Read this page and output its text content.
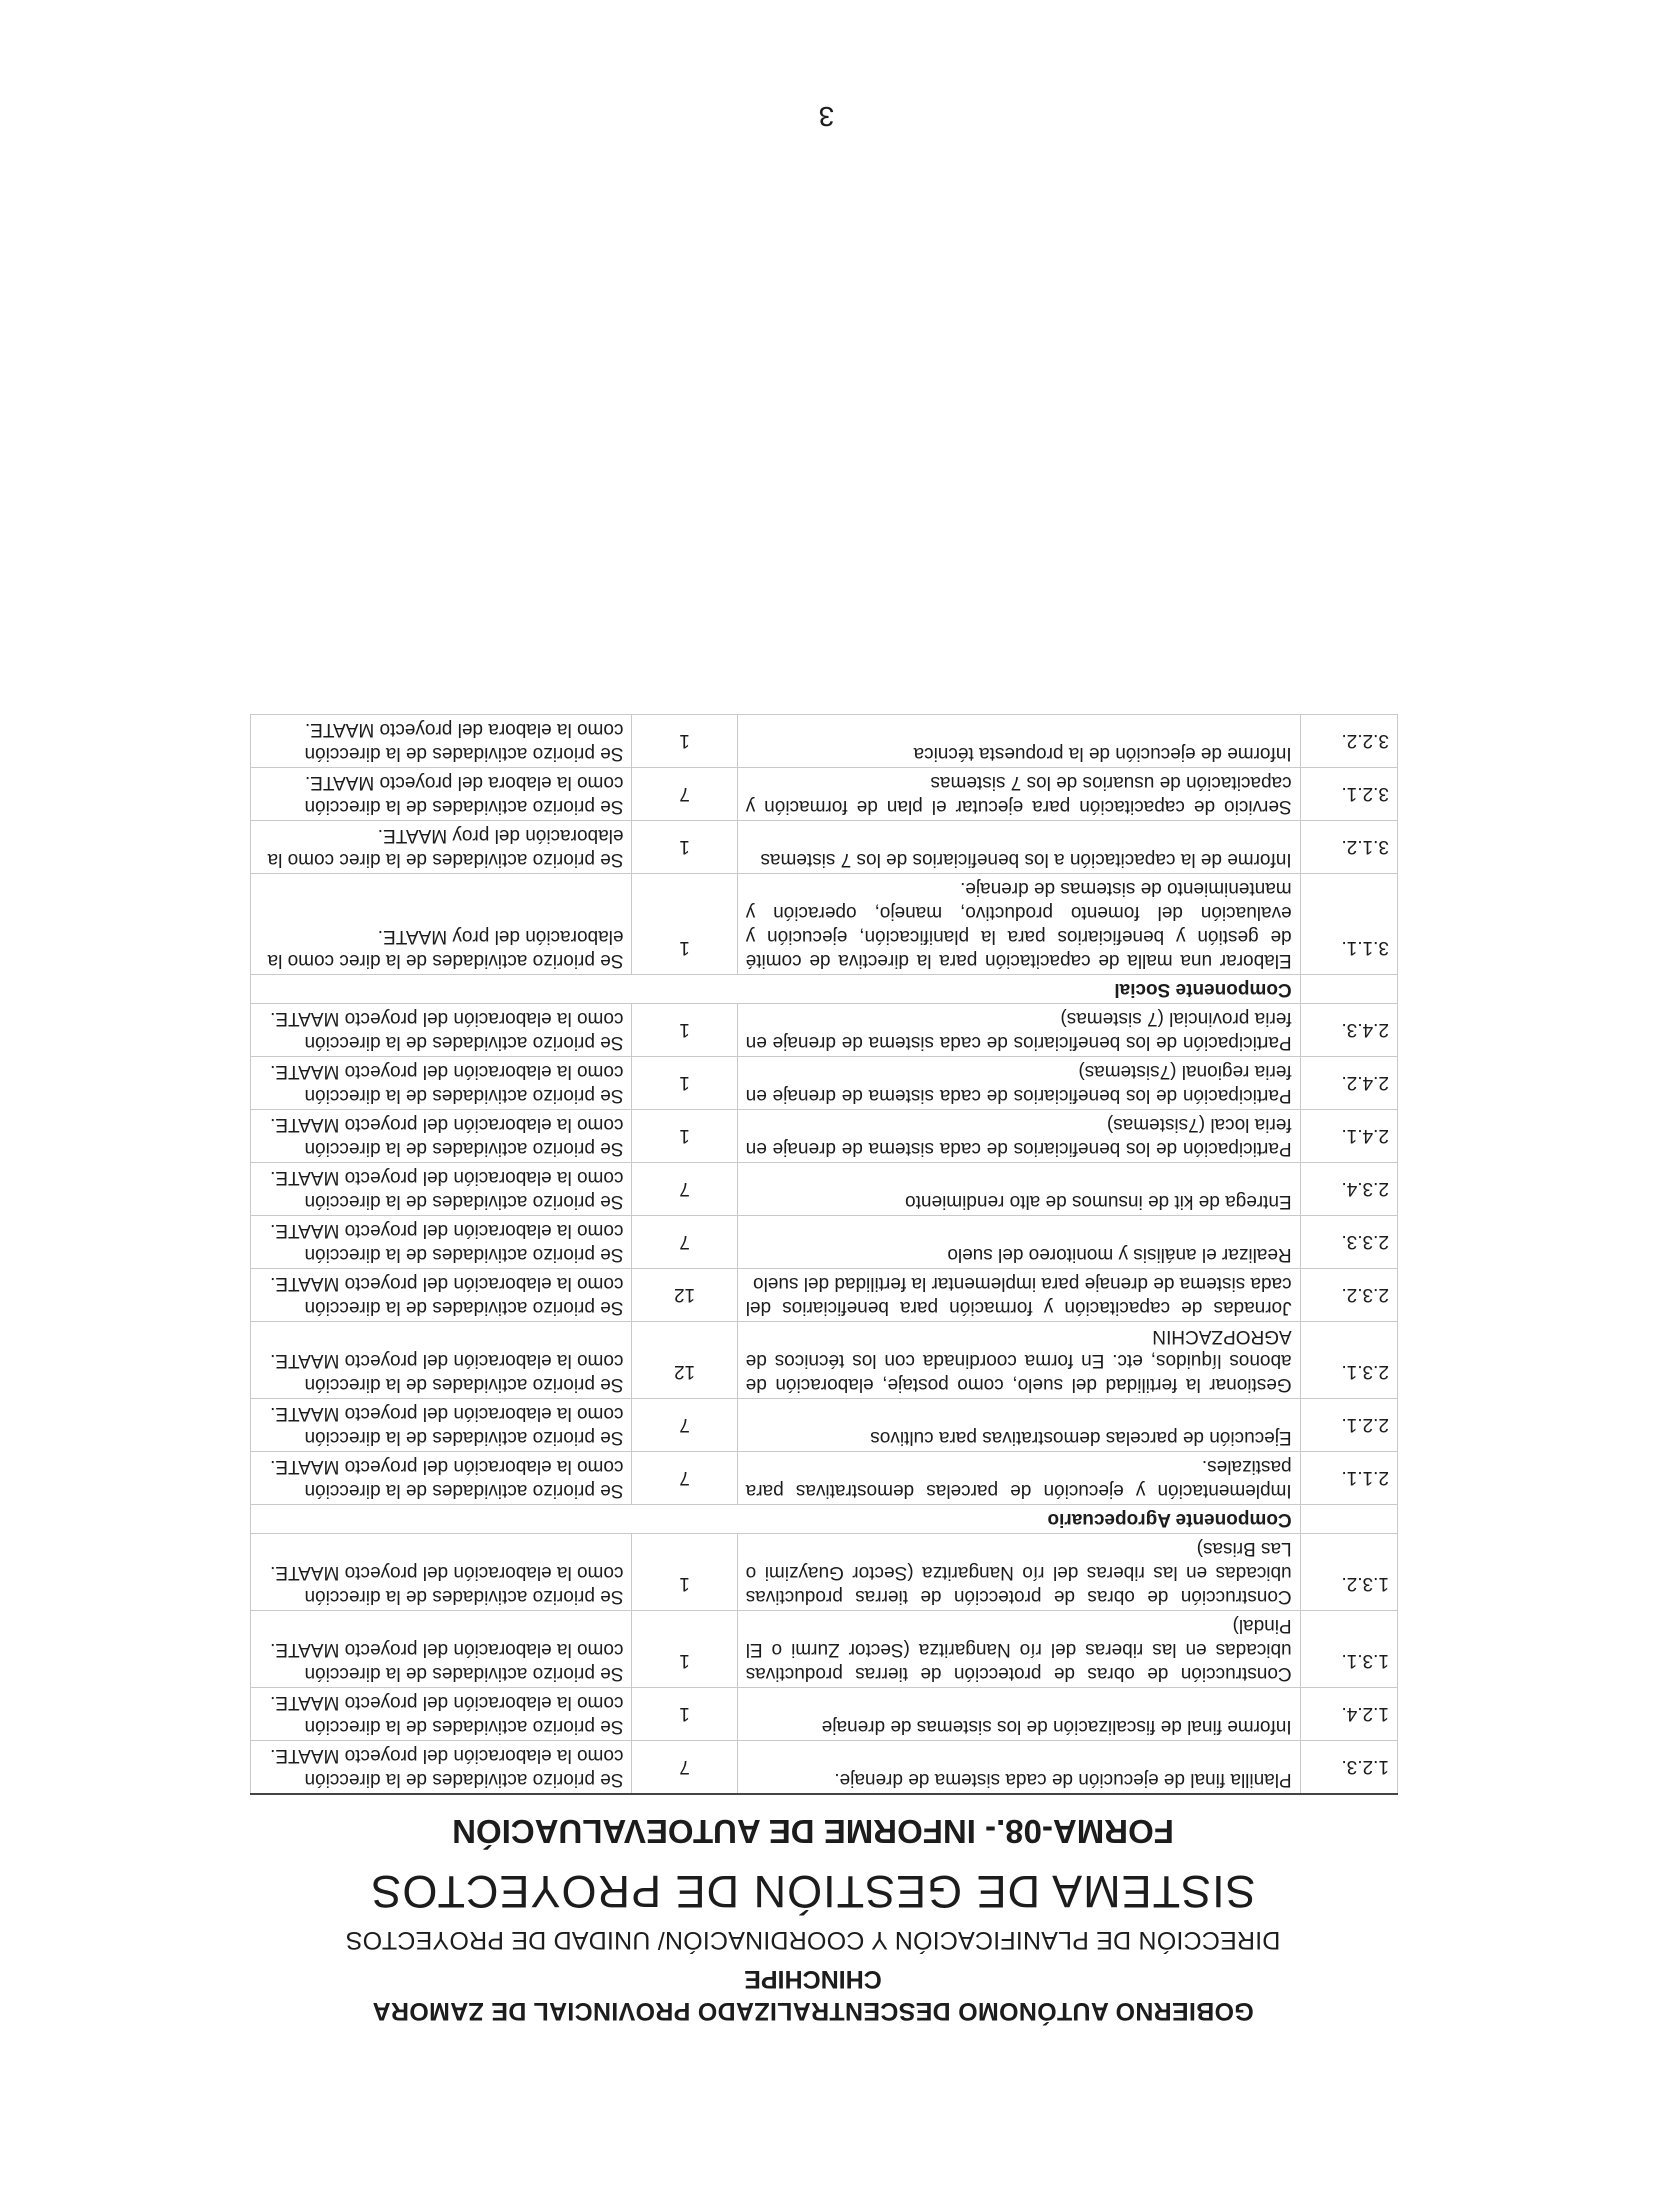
GOBIERNO AUTÓNOMO DESCENTRALIZADO PROVINCIAL DE ZAMORA
CHINCHIPE
DIRECCIÓN DE PLANIFICACIÓN Y COORDINACIÓN/ UNIDAD DE PROYECTOS
SISTEMA DE GESTIÓN DE PROYECTOS
FORMA-08.- INFORME DE AUTOEVALUACIÓN
1.2.3.	Planilla final de ejecución de cada sistema de drenaje.	7	Se priorizo actividades de la dirección como la elaboración del proyecto MAATE.
1.2.4.	Informe final de fiscalización de los sistemas de drenaje	1	Se priorizo actividades de la dirección como la elaboración del proyecto MAATE.
1.3.1.	Construcción de obras de protección de tierras productivas ubicadas en las riberas del río Nangaritza (Sector Zurmi o El Pindal)	1	Se priorizo actividades de la dirección como la elaboración del proyecto MAATE.
1.3.2.	Construcción de obras de protección de tierras productivas ubicadas en las riberas del río Nangaritza (Sector Guayzimi o Las Brisas)	1	Se priorizo actividades de la dirección como la elaboración del proyecto MAATE.
	Componente Agropecuario		
2.1.1.	Implementación y ejecución de parcelas demostrativas para pastizales.	7	Se priorizo actividades de la dirección como la elaboración del proyecto MAATE.
2.2.1.	Ejecución de parcelas demostrativas para cultivos	7	Se priorizo actividades de la dirección como la elaboración del proyecto MAATE.
2.3.1.	Gestionar la fertilidad del suelo, como postaje, elaboración de abonos líquidos, etc. En forma coordinada con los técnicos de AGROPZACHIN	12	Se priorizo actividades de la dirección como la elaboración del proyecto MAATE.
2.3.2.	Jornadas de capacitación y formación para beneficiarios del cada sistema de drenaje para implementar la fertilidad del suelo	12	Se priorizo actividades de la dirección como la elaboración del proyecto MAATE.
2.3.3.	Realizar el análisis y monitoreo del suelo	7	Se priorizo actividades de la dirección como la elaboración del proyecto MAATE.
2.3.4.	Entrega de kit de insumos de alto rendimiento	7	Se priorizo actividades de la dirección como la elaboración del proyecto MAATE.
2.4.1.	Participación de los beneficiarios de cada sistema de drenaje en feria local (7sistemas)	1	Se priorizo actividades de la dirección como la elaboración del proyecto MAATE.
2.4.2.	Participación de los beneficiarios de cada sistema de drenaje en feria regional (7sistemas)	1	Se priorizo actividades de la dirección como la elaboración del proyecto MAATE.
2.4.3.	Participación de los beneficiarios de cada sistema de drenaje en feria provincial (7 sistemas)	1	Se priorizo actividades de la dirección como la elaboración del proyecto MAATE.
	Componente Social		
3.1.1.	Elaborar una malla de capacitación para la directiva de comité de gestión y beneficiarios para la planificación, ejecución y evaluación del fomento productivo, manejo, operación y mantenimiento de sistemas de drenaje.	1	Se priorizo actividades de la direc como la elaboración del proy MAATE.
3.1.2.	Informe de la capacitación a los beneficiarios de los 7 sistemas	1	Se priorizo actividades de la direc como la elaboración del proy MAATE.
3.2.1.	Servicio de capacitación para ejecutar el plan de formación y capacitación de usuarios de los 7 sistemas	7	Se priorizo actividades de la dirección como la elabora del proyecto MAATE.
3.2.2.	Informe de ejecución de la propuesta técnica	1	Se priorizo actividades de la dirección como la elabora del proyecto MAATE.
3
